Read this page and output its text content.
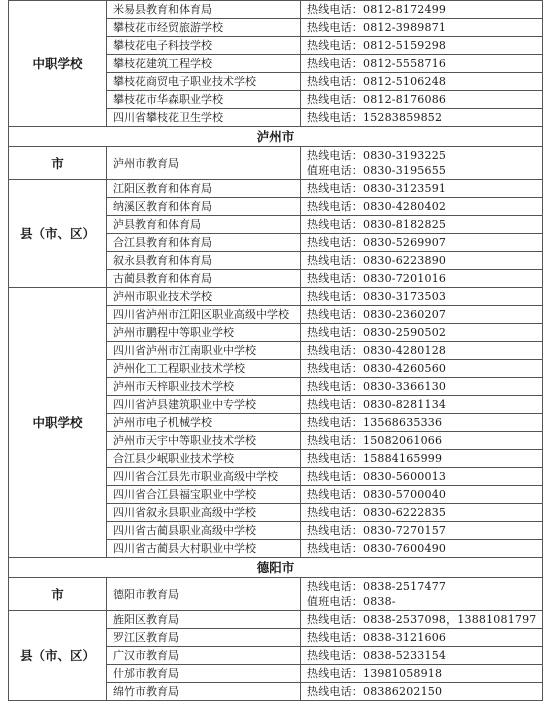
中职学校	米易县教育和体育局	热线电话：0812-8172499

	攀枝花市经贸旅游学校	热线电话：0812-3989871

	攀枝花电子科技学校	热线电话：0812-5159298

	攀枝花建筑工程学校	热线电话：0812-5558716

	攀枝花商贸电子职业技术学校	热线电话：0812-5106248

	攀枝花市华森职业学校	热线电话：0812-8176086

	四川省攀枝花卫生学校	热线电话：15283859852

泸州市		
市	泸州市教育局	热线电话：0830-3193225
值班电话：0830-3195655

县（市、区）	江阳区教育和体育局	热线电话：0830-3123591

	纳溪区教育和体育局	热线电话：0830-4280402

	泸县教育和体育局	热线电话：0830-8182825

	合江县教育和体育局	热线电话：0830-5269907

	叙永县教育和体育局	热线电话：0830-6223890

	古蔺县教育和体育局	热线电话：0830-7201016

中职学校	泸州市职业技术学校	热线电话：0830-3173503

	四川省泸州市江阳区职业高级中学校	热线电话：0830-2360207

	泸州市鹏程中等职业学校	热线电话：0830-2590502

	四川省泸州市江南职业中学校	热线电话：0830-4280128

	泸州化工工程职业技术学校	热线电话：0830-4260560

	泸州市天梓职业技术学校	热线电话：0830-3366130

	四川省泸县建筑职业中专学校	热线电话：0830-8281134

	泸州市电子机械学校	热线电话：13568635336

	泸州市天宇中等职业技术学校	热线电话：15082061066

	合江县少岷职业技术学校	热线电话：15884165999

	四川省合江县先市职业高级中学校	热线电话：0830-5600013

	四川省合江县福宝职业中学校	热线电话：0830-5700040

	四川省叙永县职业高级中学校	热线电话：0830-6222835

	四川省古蔺县职业高级中学校	热线电话：0830-7270157

	四川省古蔺县大村职业中学校	热线电话：0830-7600490

德阳市		
市	德阳市教育局	热线电话：0838-2517477
值班电话：0838-

县（市、区）	旌阳区教育局	热线电话：0838-2537098，13881081797

	罗江区教育局	热线电话：0838-3121606

	广汉市教育局	热线电话：0838-5233154

	什邡市教育局	热线电话：13981058918

	绵竹市教育局	热线电话：08386202150
